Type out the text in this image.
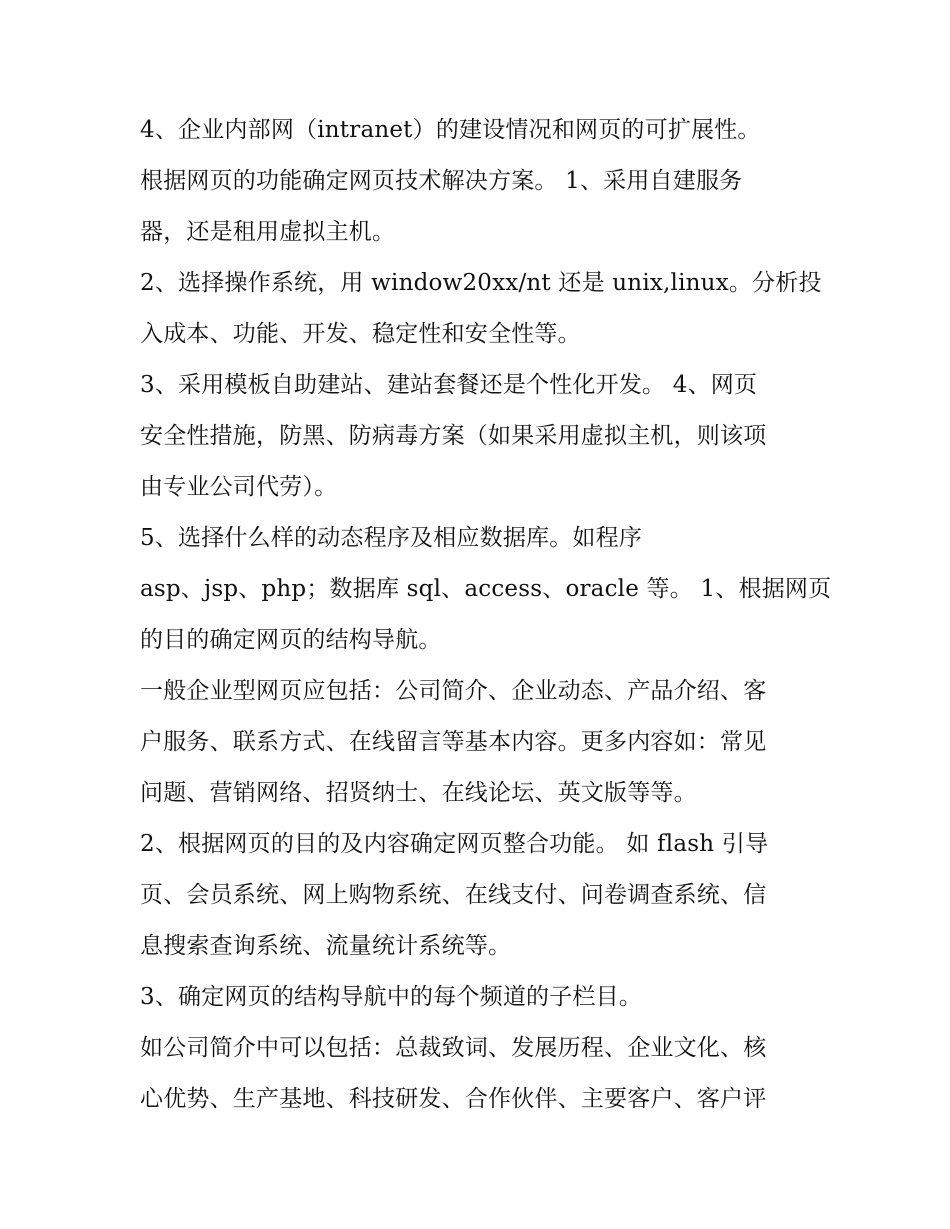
4、企业内部网（intranet）的建设情况和网页的可扩展性。
根据网页的功能确定网页技术解决方案。 1、采用自建服务
器，还是租用虚拟主机。
2、选择操作系统，用 window20xx/nt 还是 unix,linux。分析投
入成本、功能、开发、稳定性和安全性等。
3、采用模板自助建站、建站套餐还是个性化开发。 4、网页
安全性措施，防黑、防病毒方案（如果采用虚拟主机，则该项
由专业公司代劳）。
5、选择什么样的动态程序及相应数据库。如程序
asp、jsp、php；数据库 sql、access、oracle 等。 1、根据网页
的目的确定网页的结构导航。
一般企业型网页应包括：公司简介、企业动态、产品介绍、客
户服务、联系方式、在线留言等基本内容。更多内容如：常见
问题、营销网络、招贤纳士、在线论坛、英文版等等。
2、根据网页的目的及内容确定网页整合功能。 如 flash 引导
页、会员系统、网上购物系统、在线支付、问卷调查系统、信
息搜索查询系统、流量统计系统等。
3、确定网页的结构导航中的每个频道的子栏目。
如公司简介中可以包括：总裁致词、发展历程、企业文化、核
心优势、生产基地、科技研发、合作伙伴、主要客户、客户评
